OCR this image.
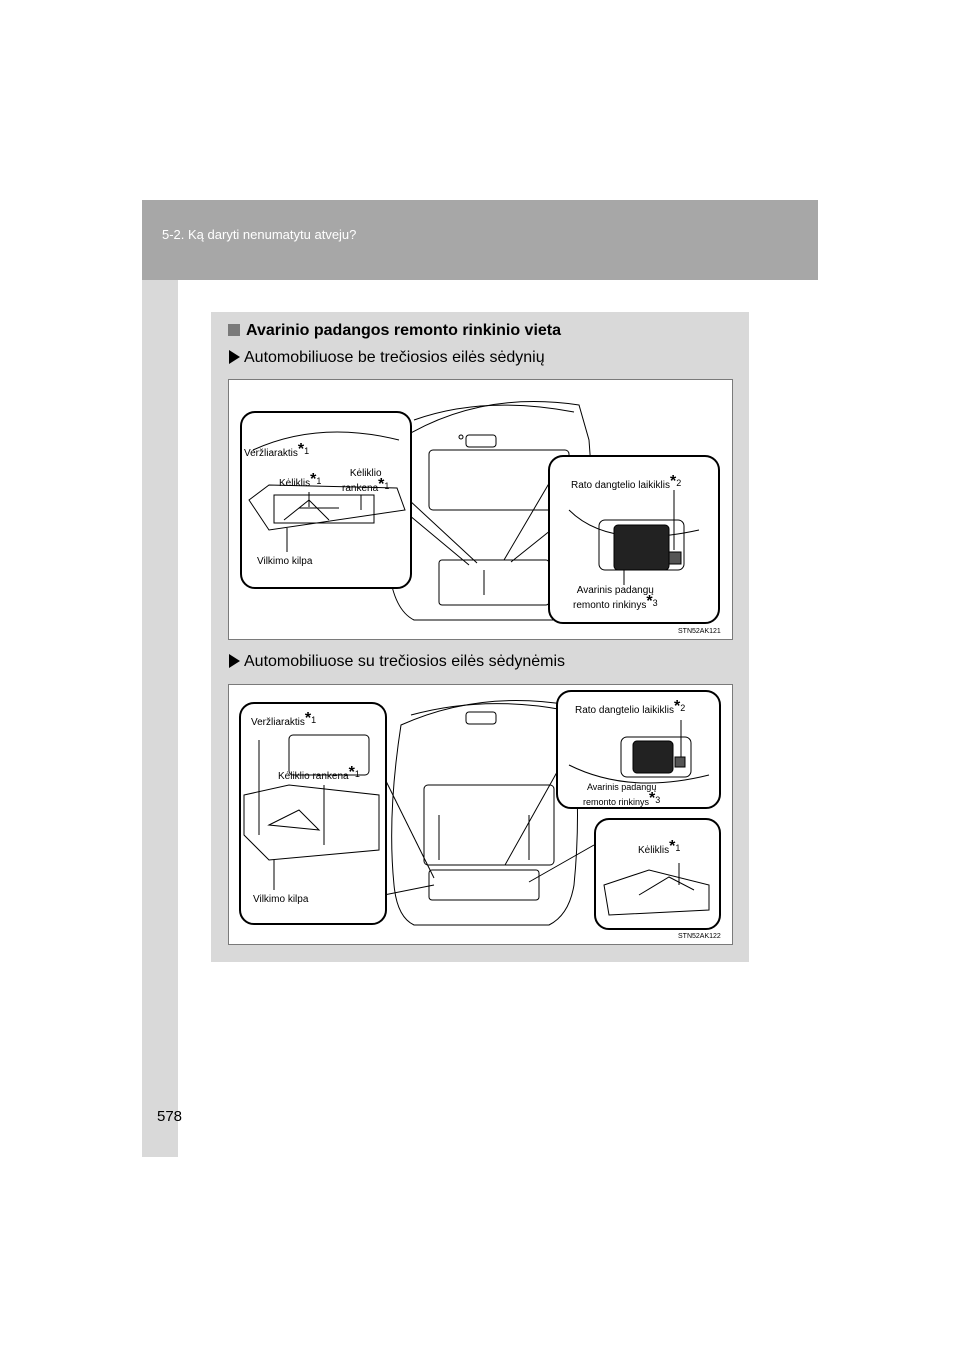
5-2. Ką daryti nenumatytu atveju?
Avarinio padangos remonto rinkinio vieta
Automobiliuose be trečiosios eilės sėdynių
$Veržliaraktis*_1$
$Kėliklis*_1$
Kėliklio
$rankena*_1$
Vilkimo kilpa
Rato dangtelio $laikiklis*_2$
Avarinis padangų
remonto $rinkinys*_3$
STN52AK121
Automobiliuose su trečiosios eilės sėdynėmis
$Veržliaraktis*_1$
Kėliklio $rankena*_1$
Vilkimo kilpa
Rato dangtelio $laikiklis*_2$
Avarinis padangų
remonto $rinkinys*_3$
$Kėliklis*_1$
STN52AK122
578
